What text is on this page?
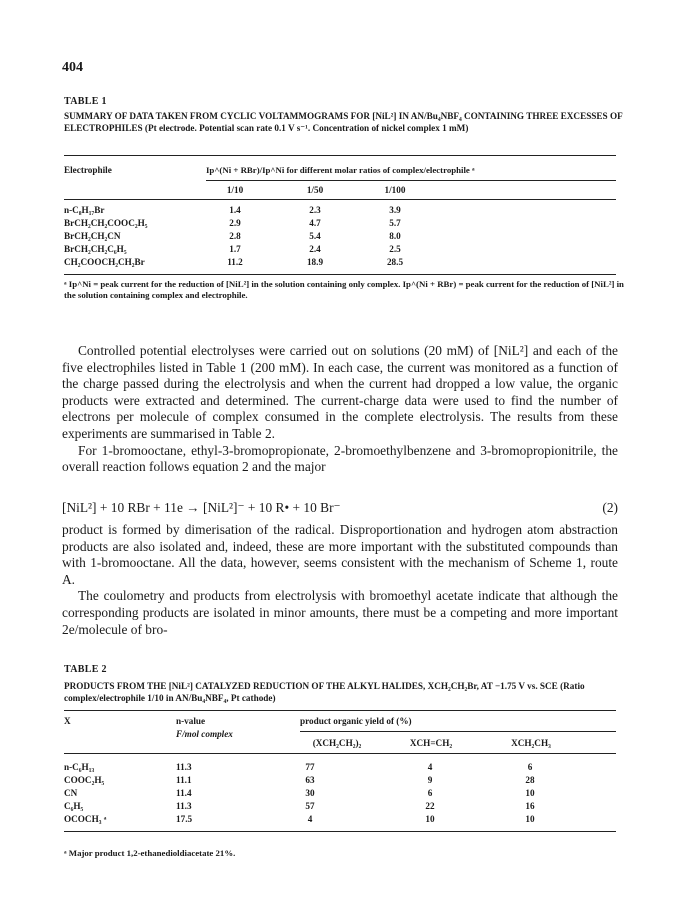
404
TABLE 1
SUMMARY OF DATA TAKEN FROM CYCLIC VOLTAMMOGRAMS FOR [NiL²] IN AN/Bu₄NBF₄ CONTAINING THREE EXCESSES OF ELECTROPHILES (Pt electrode. Potential scan rate 0.1 V s⁻¹. Concentration of nickel complex 1 mM)
Electrophile	Ip^(Ni + RBr)/Ip^Ni for different molar ratios of complex/electrophile ᵃ
1/10	1/50	1/100
n-C₈H₁₇Br	1.4	2.3	3.9
BrCH₂CH₂COOC₂H₅	2.9	4.7	5.7
BrCH₂CH₂CN	2.8	5.4	8.0
BrCH₂CH₂C₆H₅	1.7	2.4	2.5
CH₂COOCH₂CH₂Br	11.2	18.9	28.5
ᵃ Ip^Ni = peak current for the reduction of [NiL²] in the solution containing only complex. Ip^(Ni + RBr) = peak current for the reduction of [NiL²] in the solution containing complex and electrophile.

Controlled potential electrolyses were carried out on solutions (20 mM) of [NiL²] and each of the five electrophiles listed in Table 1 (200 mM). In each case, the current was monitored as a function of the charge passed during the electrolysis and when the current had dropped a low value, the organic products were extracted and determined. The current-charge data were used to find the number of electrons per molecule of complex consumed in the complete electrolysis. The results from these experiments are summarised in Table 2.

For 1-bromooctane, ethyl-3-bromopropionate, 2-bromoethylbenzene and 3-bromopropionitrile, the overall reaction follows equation 2 and the major

[NiL²] + 10 RBr + 11e → [NiL²]⁻ + 10 R• + 10 Br⁻	(2)

product is formed by dimerisation of the radical. Disproportionation and hydrogen atom abstraction products are also isolated and, indeed, these are more important with the substituted compounds than with 1-bromooctane. All the data, however, seems consistent with the mechanism of Scheme 1, route A.

The coulometry and products from electrolysis with bromoethyl acetate indicate that although the corresponding products are isolated in minor amounts, there must be a competing and more important 2e/molecule of bro-

TABLE 2
PRODUCTS FROM THE [NiL²] CATALYZED REDUCTION OF THE ALKYL HALIDES, XCH₂CH₂Br, AT −1.75 V vs. SCE (Ratio complex/electrophile 1/10 in AN/Bu₄NBF₄, Pt cathode)
X	n-value
F/mol complex
product organic yield of (%)
(XCH₂CH₂)₂	XCH=CH₂	XCH₂CH₃
n-C₆H₁₃	11.3	77	4	6
COOC₂H₅	11.1	63	9	28
CN	11.4	30	6	10
C₆H₅	11.3	57	22	16
OCOCH₃ ᵃ	17.5	4	10	10
ᵃ Major product 1,2-ethanedioldiacetate 21%.
